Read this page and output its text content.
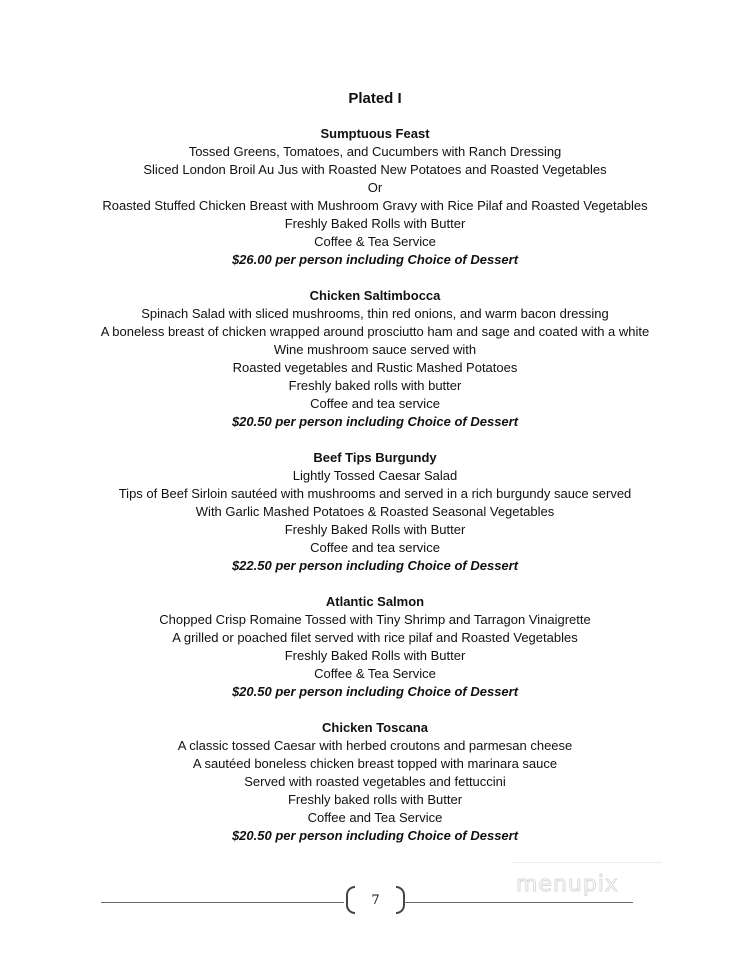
Plated I
Sumptuous Feast
Tossed Greens, Tomatoes, and Cucumbers with Ranch Dressing
Sliced London Broil Au Jus with Roasted New Potatoes and Roasted Vegetables
Or
Roasted Stuffed Chicken Breast with Mushroom Gravy with Rice Pilaf and Roasted Vegetables
Freshly Baked Rolls with Butter
Coffee & Tea Service
$26.00 per person including Choice of Dessert
Chicken Saltimbocca
Spinach Salad with sliced mushrooms, thin red onions, and warm bacon dressing
A boneless breast of chicken wrapped around prosciutto ham and sage and coated with a white
Wine mushroom sauce served with
Roasted vegetables and Rustic Mashed Potatoes
Freshly baked rolls with butter
Coffee and tea service
$20.50 per person including Choice of Dessert
Beef Tips Burgundy
Lightly Tossed Caesar Salad
Tips of Beef Sirloin sautéed with mushrooms and served in a rich burgundy sauce served
With Garlic Mashed Potatoes & Roasted Seasonal Vegetables
Freshly Baked Rolls with Butter
Coffee and tea service
$22.50 per person including Choice of Dessert
Atlantic Salmon
Chopped Crisp Romaine Tossed with Tiny Shrimp and Tarragon Vinaigrette
A grilled or poached filet served with rice pilaf and Roasted Vegetables
Freshly Baked Rolls with Butter
Coffee & Tea Service
$20.50 per person including Choice of Dessert
Chicken Toscana
A classic tossed Caesar with herbed croutons and parmesan cheese
A sautéed boneless chicken breast topped with marinara sauce
Served with roasted vegetables and fettuccini
Freshly baked rolls with Butter
Coffee and Tea Service
$20.50 per person including Choice of Dessert
menupix
7
